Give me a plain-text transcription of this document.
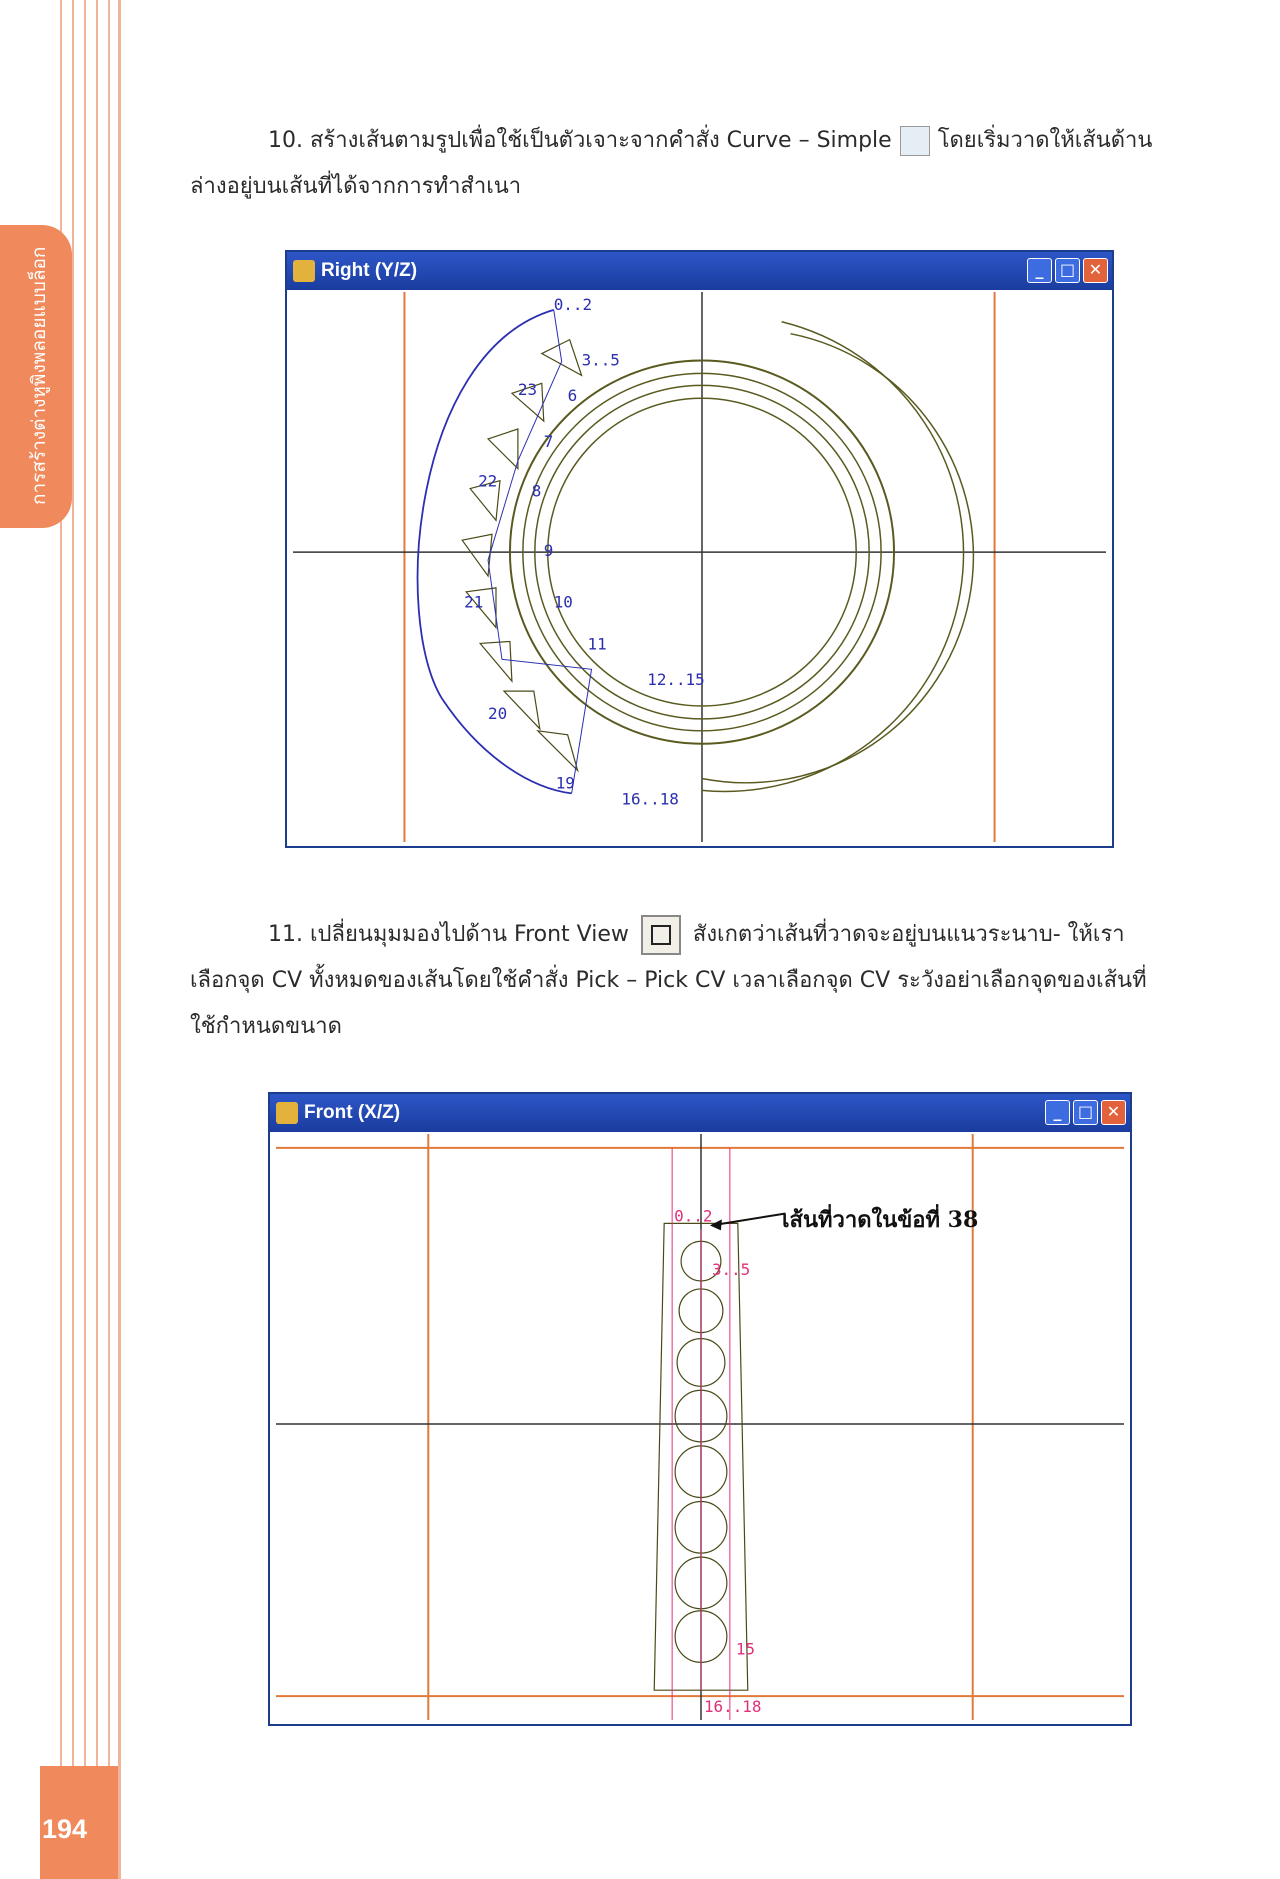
การสร้างต่างหูพิงพลอยแบบล็อก
194
10. สร้างเส้นตามรูปเพื่อใช้เป็นตัวเจาะจากคำสั่ง Curve – Simple โดยเริ่มวาดให้เส้นด้าน
ล่างอยู่บนเส้นที่ได้จากการทำสำเนา
Right (Y/Z)	_	□ ✕
0..2
3..5
6
7
8
9
10
11
12..15
16..18
19
20
21
22
23
11. เปลี่ยนมุมมองไปด้าน Front View	สังเกตว่าเส้นที่วาดจะอยู่บนแนวระนาบ- ให้เรา
เลือกจุด CV ทั้งหมดของเส้นโดยใช้คำสั่ง Pick – Pick CV เวลาเลือกจุด CV ระวังอย่าเลือกจุดของเส้นที่
ใช้กำหนดขนาด
Front (X/Z)	_	□ ✕
0..2
3..5
15
16..18
เส้นที่วาดในข้อที่ 38
